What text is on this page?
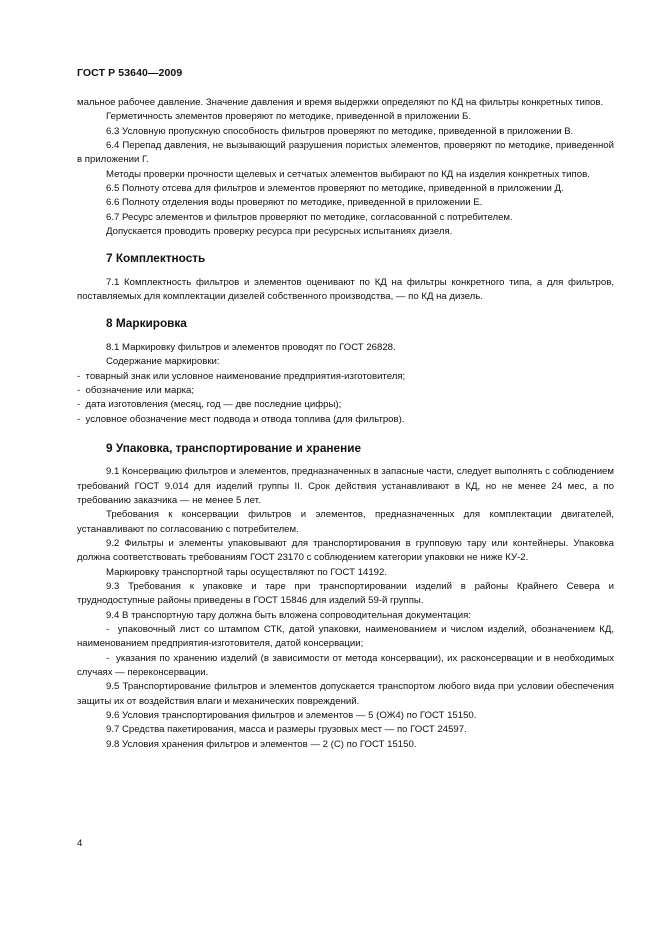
ГОСТ Р 53640—2009

мальное рабочее давление. Значение давления и время выдержки определяют по КД на фильтры конкретных типов.

Герметичность элементов проверяют по методике, приведенной в приложении Б.

6.3 Условную пропускную способность фильтров проверяют по методике, приведенной в приложении В.

6.4 Перепад давления, не вызывающий разрушения пористых элементов, проверяют по методике, приведенной в приложении Г.

Методы проверки прочности щелевых и сетчатых элементов выбирают по КД на изделия конкретных типов.

6.5 Полноту отсева для фильтров и элементов проверяют по методике, приведенной в приложении Д.

6.6 Полноту отделения воды проверяют по методике, приведенной в приложении Е.

6.7 Ресурс элементов и фильтров проверяют по методике, согласованной с потребителем.

Допускается проводить проверку ресурса при ресурсных испытаниях дизеля.

7 Комплектность

7.1 Комплектность фильтров и элементов оценивают по КД на фильтры конкретного типа, а для фильтров, поставляемых для комплектации дизелей собственного производства, — по КД на дизель.

8 Маркировка

8.1 Маркировку фильтров и элементов проводят по ГОСТ 26828.

Содержание маркировки:

-  товарный знак или условное наименование предприятия-изготовителя;

-  обозначение или марка;

-  дата изготовления (месяц, год — две последние цифры);

-  условное обозначение мест подвода и отвода топлива (для фильтров).

9 Упаковка, транспортирование и хранение

9.1 Консервацию фильтров и элементов, предназначенных в запасные части, следует выполнять с соблюдением требований ГОСТ 9.014 для изделий группы II. Срок действия устанавливают в КД, но не менее 24 мес, а по требованию заказчика — не менее 5 лет.

Требования к консервации фильтров и элементов, предназначенных для комплектации двигателей, устанавливают по согласованию с потребителем.

9.2 Фильтры и элементы упаковывают для транспортирования в групповую тару или контейнеры. Упаковка должна соответствовать требованиям ГОСТ 23170 с соблюдением категории упаковки не ниже КУ-2.

Маркировку транспортной тары осуществляют по ГОСТ 14192.

9.3 Требования к упаковке и таре при транспортировании изделий в районы Крайнего Севера и труднодоступные районы приведены в ГОСТ 15846 для изделий 59-й группы.

9.4 В транспортную тару должна быть вложена сопроводительная документация:

-  упаковочный лист со штампом СТК, датой упаковки, наименованием и числом изделий, обозначением КД, наименованием предприятия-изготовителя, датой консервации;

-  указания по хранению изделий (в зависимости от метода консервации), их расконсервации и в необходимых случаях — переконсервации.

9.5 Транспортирование фильтров и элементов допускается транспортом любого вида при условии обеспечения защиты их от воздействия влаги и механических повреждений.

9.6 Условия транспортирования фильтров и элементов — 5 (ОЖ4) по ГОСТ 15150.

9.7 Средства пакетирования, масса и размеры грузовых мест — по ГОСТ 24597.

9.8 Условия хранения фильтров и элементов — 2 (С) по ГОСТ 15150.

4
